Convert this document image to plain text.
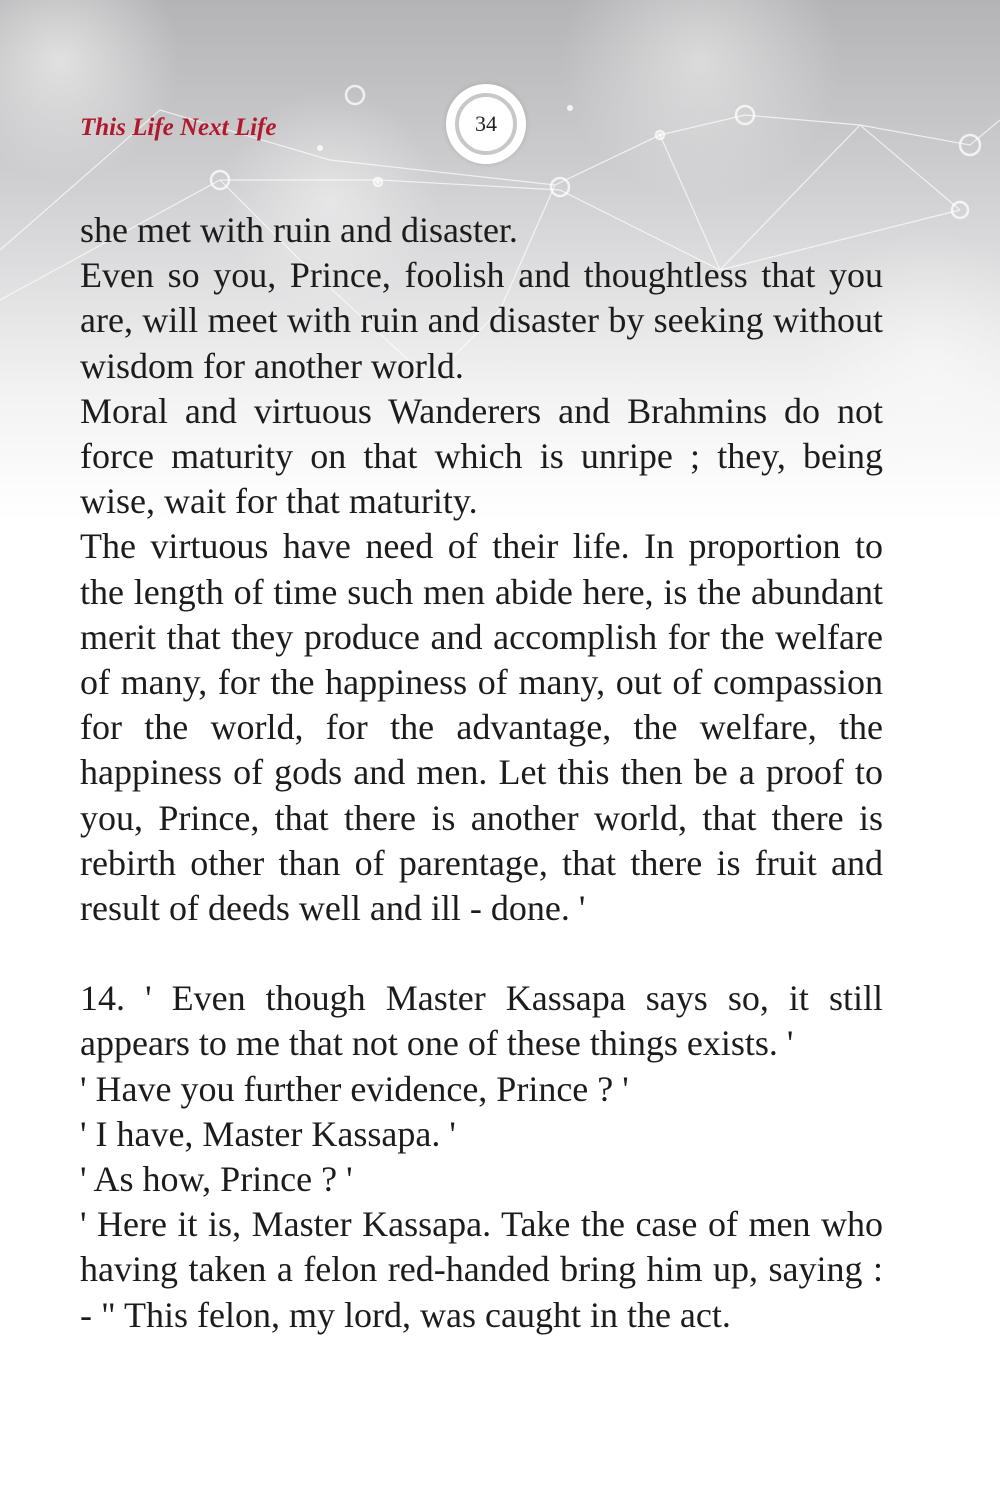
This Life Next Life	34

she met with ruin and disaster.

Even so you, Prince, foolish and thoughtless that you are, will meet with ruin and disaster by seeking without wisdom for another world.

Moral and virtuous Wanderers and Brahmins do not force maturity on that which is unripe ; they, being wise, wait for that maturity.

The virtuous have need of their life. In proportion to the length of time such men abide here, is the abundant merit that they produce and accomplish for the welfare of many, for the happiness of many, out of compassion for the world, for the advantage, the welfare, the happiness of gods and men. Let this then be a proof to you, Prince, that there is another world, that there is rebirth other than of parentage, that there is fruit and result of deeds well and ill - done. '

14. ' Even though Master Kassapa says so, it still appears to me that not one of these things exists. '

' Have you further evidence, Prince ? '

' I have, Master Kassapa. '

' As how, Prince ? '

' Here it is, Master Kassapa. Take the case of men who having taken a felon red-handed bring him up, saying : - " This felon, my lord, was caught in the act.
